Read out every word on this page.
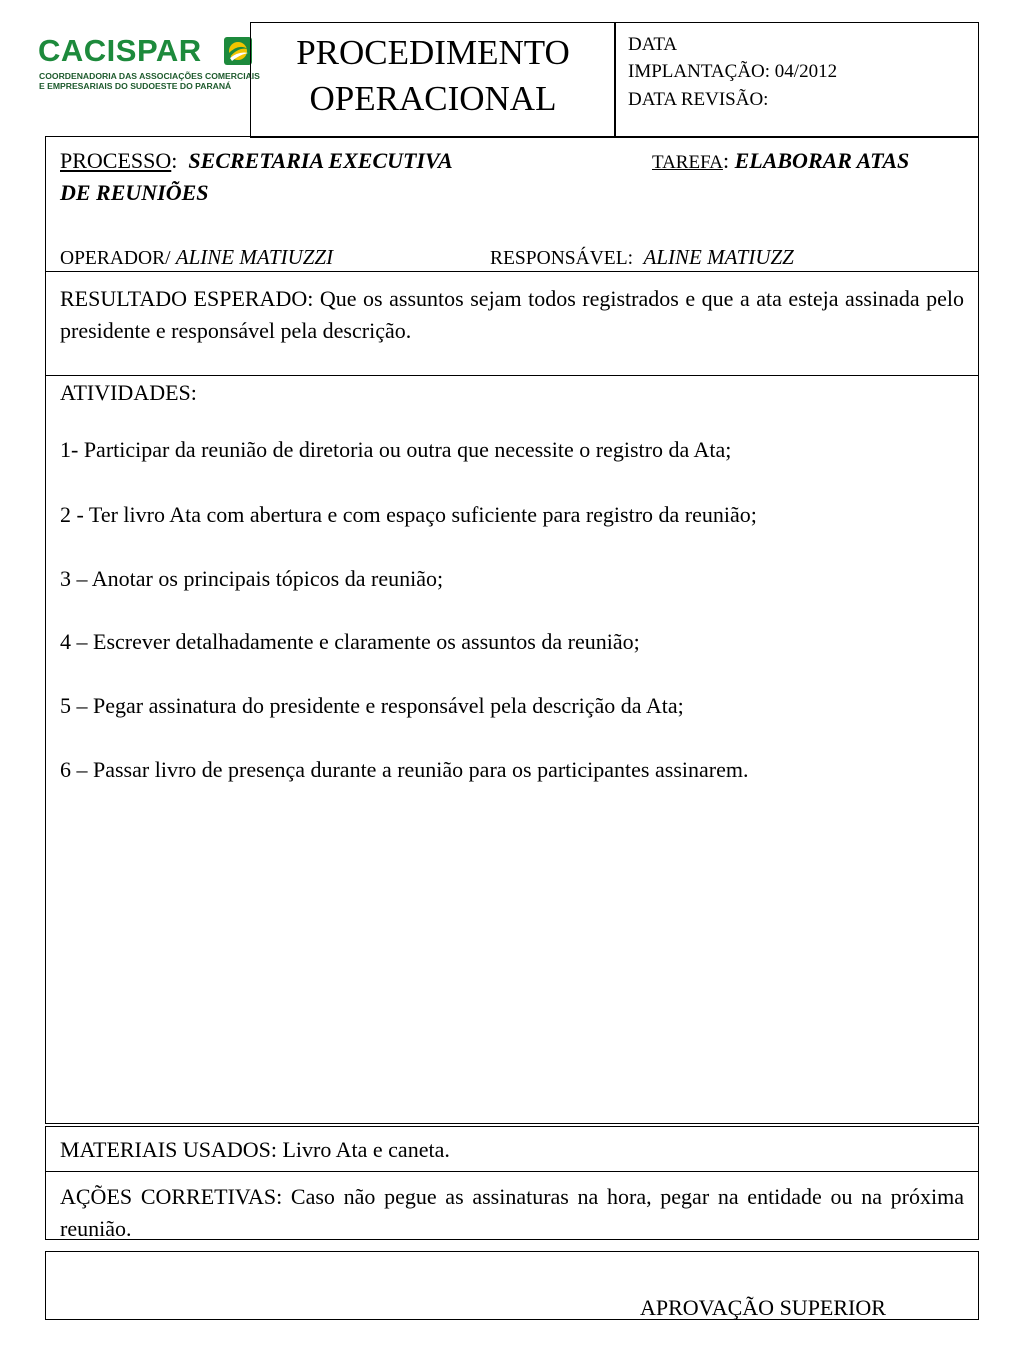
CACISPAR
COORDENADORIA DAS ASSOCIAÇÕES COMERCIAIS
E EMPRESARIAIS DO SUDOESTE DO PARANÁ
PROCEDIMENTO
OPERACIONAL
DATA
IMPLANTAÇÃO: 04/2012
DATA REVISÃO:
PROCESSO: SECRETARIA EXECUTIVA	TAREFA: ELABORAR ATAS
DE REUNIÕES
OPERADOR/ ALINE MATIUZZI	RESPONSÁVEL: ALINE MATIUZZ
RESULTADO ESPERADO: Que os assuntos sejam todos registrados e que a ata esteja assinada pelo presidente e responsável pela descrição.
ATIVIDADES:
1- Participar da reunião de diretoria ou outra que necessite o registro da Ata;
2 - Ter livro Ata com abertura e com espaço suficiente para registro da reunião;
3 – Anotar os principais tópicos da reunião;
4 – Escrever detalhadamente e claramente os assuntos da reunião;
5 – Pegar assinatura do presidente e responsável pela descrição da Ata;
6 – Passar livro de presença durante a reunião para os participantes assinarem.
MATERIAIS USADOS: Livro Ata e caneta.
AÇÕES CORRETIVAS: Caso não pegue as assinaturas na hora, pegar na entidade ou na próxima reunião.
APROVAÇÃO SUPERIOR
